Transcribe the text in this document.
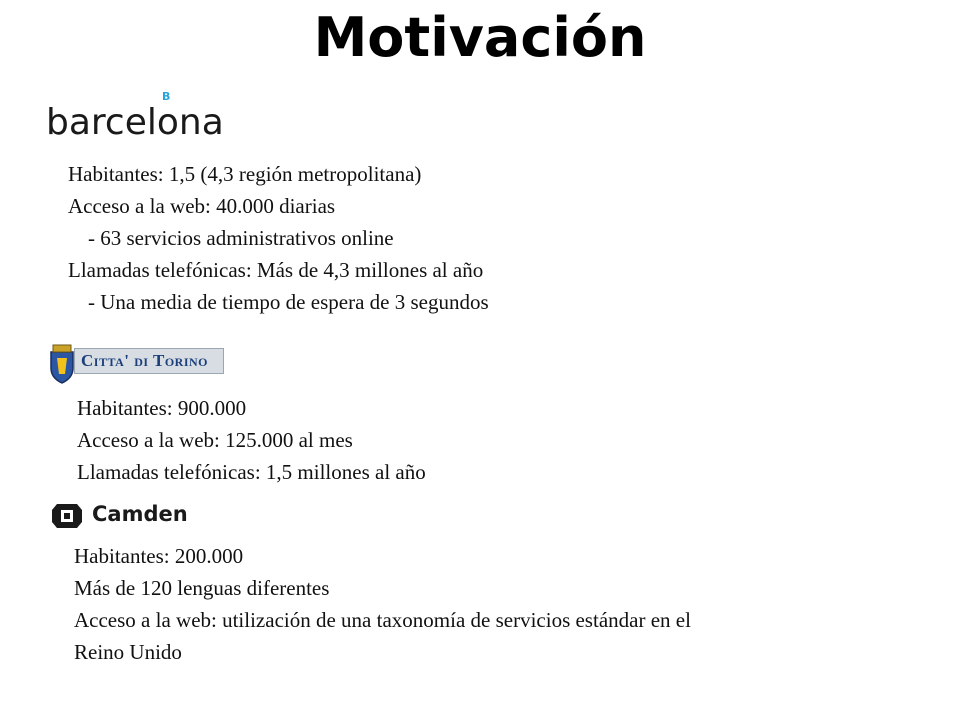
Motivación
B
barcelona
Habitantes: 1,5 (4,3 región metropolitana)
Acceso a la web: 40.000 diarias
- 63 servicios administrativos online
Llamadas telefónicas: Más de 4,3 millones al año
- Una media de tiempo de espera de 3 segundos
Citta' di Torino
Habitantes: 900.000
Acceso a la web: 125.000 al mes
Llamadas telefónicas: 1,5 millones al año
Camden
Habitantes: 200.000
Más de 120 lenguas diferentes
Acceso a la web: utilización de una taxonomía de servicios estándar en el
Reino Unido
